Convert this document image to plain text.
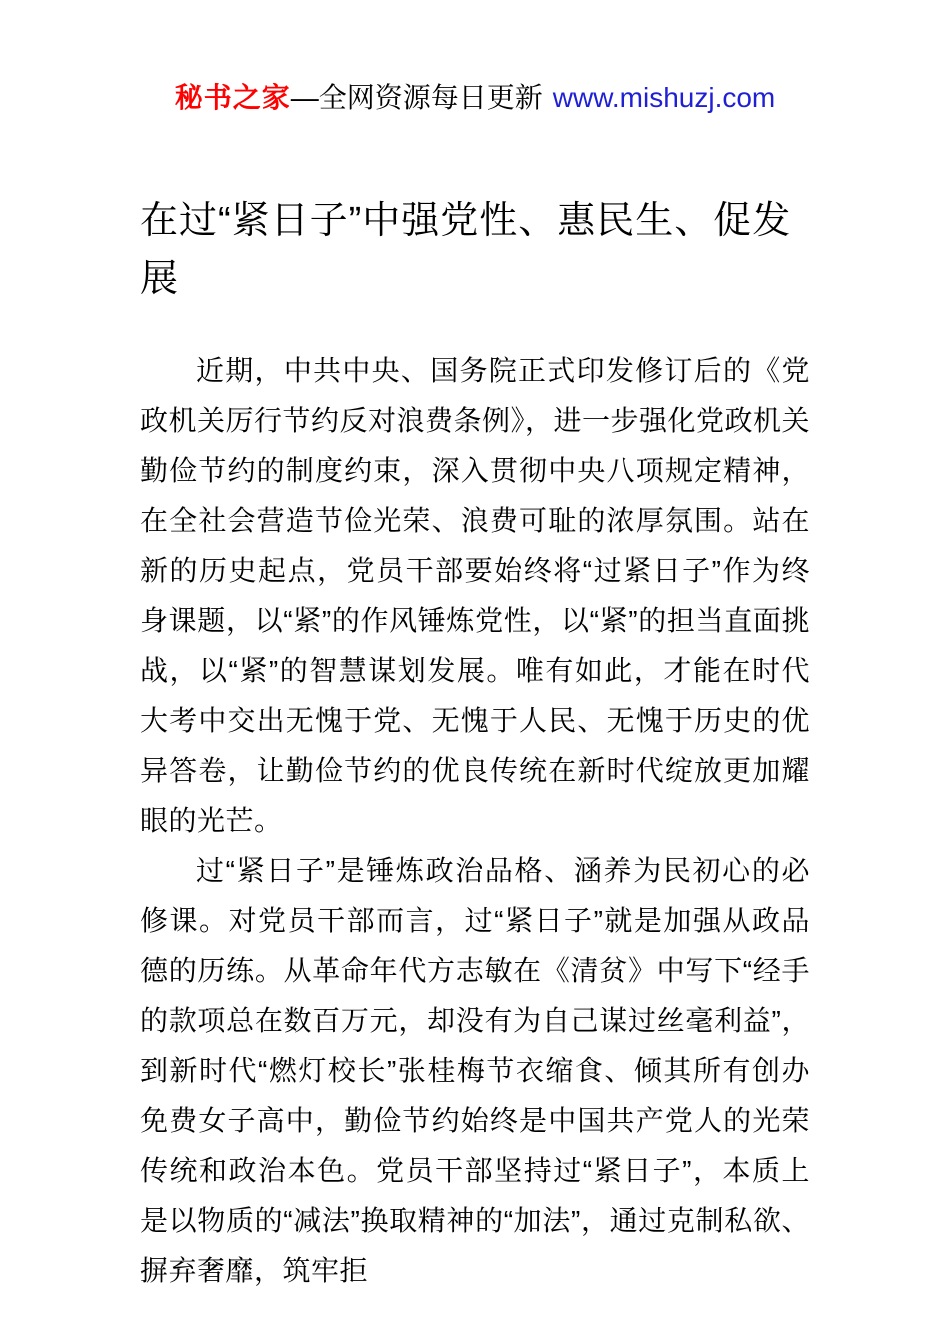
秘书之家—全网资源每日更新 www.mishuzj.com
在过“紧日子”中强党性、惠民生、促发展

近期，中共中央、国务院正式印发修订后的《党政机关厉行节约反对浪费条例》，进一步强化党政机关勤俭节约的制度约束，深入贯彻中央八项规定精神，在全社会营造节俭光荣、浪费可耻的浓厚氛围。站在新的历史起点，党员干部要始终将“过紧日子”作为终身课题，以“紧”的作风锤炼党性，以“紧”的担当直面挑战，以“紧”的智慧谋划发展。唯有如此，才能在时代大考中交出无愧于党、无愧于人民、无愧于历史的优异答卷，让勤俭节约的优良传统在新时代绽放更加耀眼的光芒。

过“紧日子”是锤炼政治品格、涵养为民初心的必修课。对党员干部而言，过“紧日子”就是加强从政品德的历练。从革命年代方志敏在《清贫》中写下“经手的款项总在数百万元，却没有为自己谋过丝毫利益”，到新时代“燃灯校长”张桂梅节衣缩食、倾其所有创办免费女子高中，勤俭节约始终是中国共产党人的光荣传统和政治本色。党员干部坚持过“紧日子”，本质上是以物质的“减法”换取精神的“加法”，通过克制私欲、摒弃奢靡，筑牢拒
